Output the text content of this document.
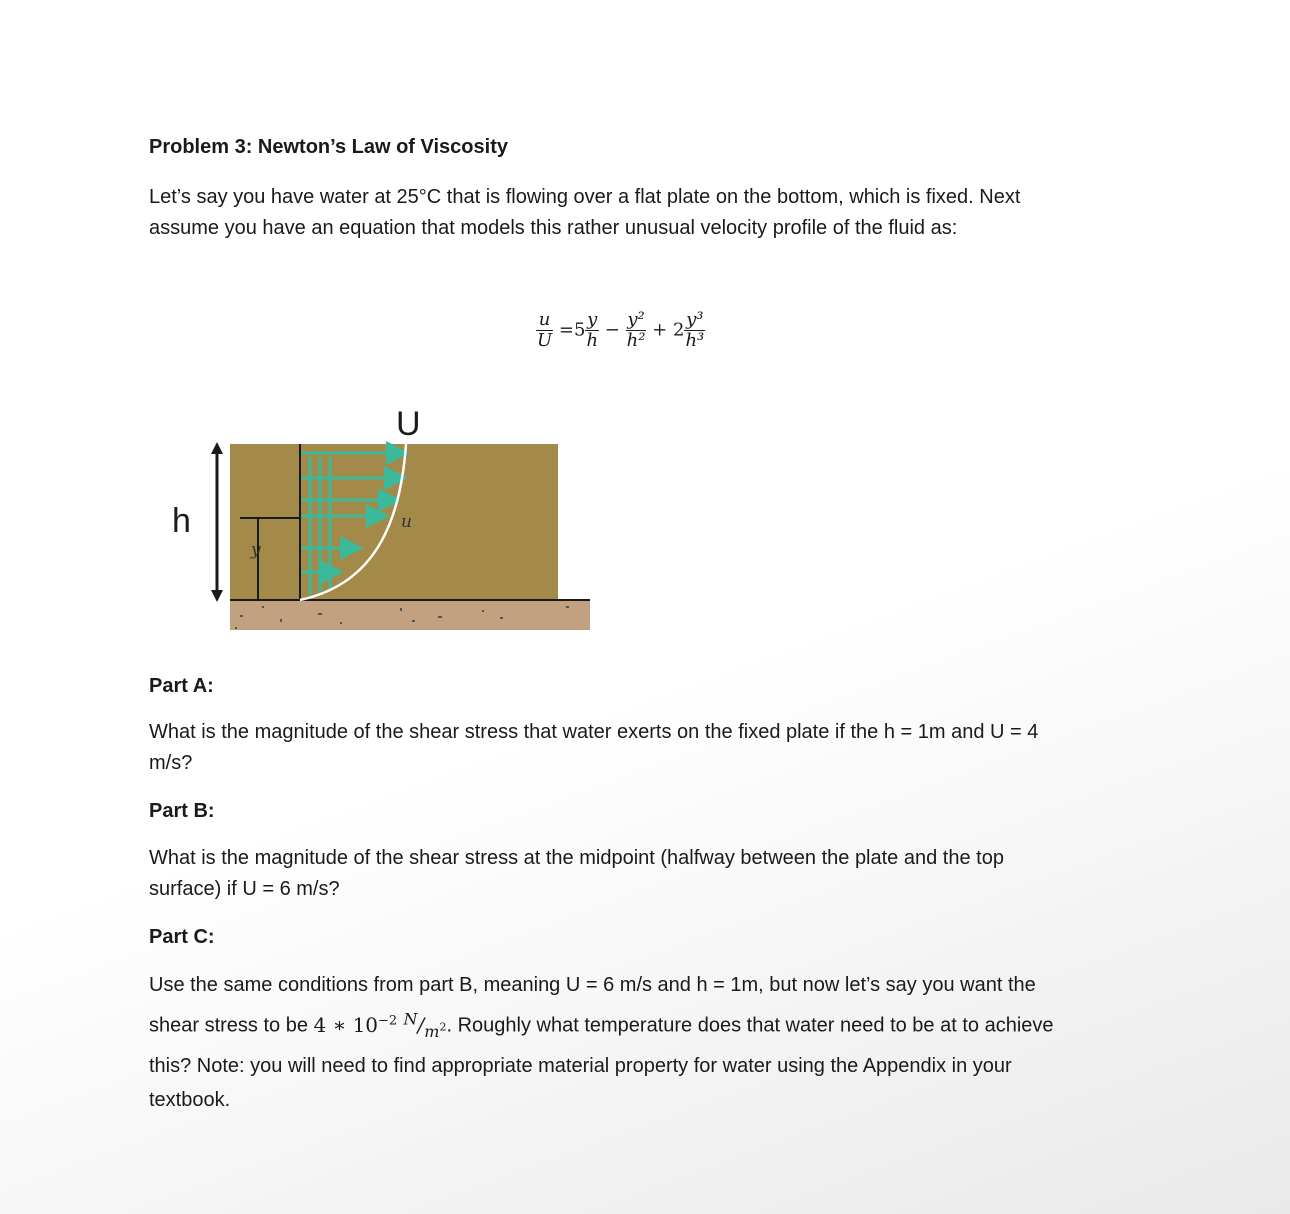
Problem 3: Newton’s Law of Viscosity
Let’s say you have water at 25°C that is flowing over a flat plate on the bottom, which is fixed. Next
assume you have an equation that models this rather unusual velocity profile of the fluid as:
$\frac{u}{U} =5 \frac{y}{h} - \frac{\text{y²}}{\text{h²}} + 2 \frac{\text{y³}}{\text{h³}}$
h
U
u
y
Part A:
What is the magnitude of the shear stress that water exerts on the fixed plate if the h = 1m and U = 4
m/s?
Part B:
What is the magnitude of the shear stress at the midpoint (halfway between the plate and the top
surface) if U = 6 m/s?
Part C:
Use the same conditions from part B, meaning U = 6 m/s and h = 1m, but now let’s say you want the
shear stress to be 4 ∗ $10^{-2}$ $^N/_{m^2}$. Roughly what temperature does that water need to be at to achieve
this? Note: you will need to find appropriate material property for water using the Appendix in your
textbook.
